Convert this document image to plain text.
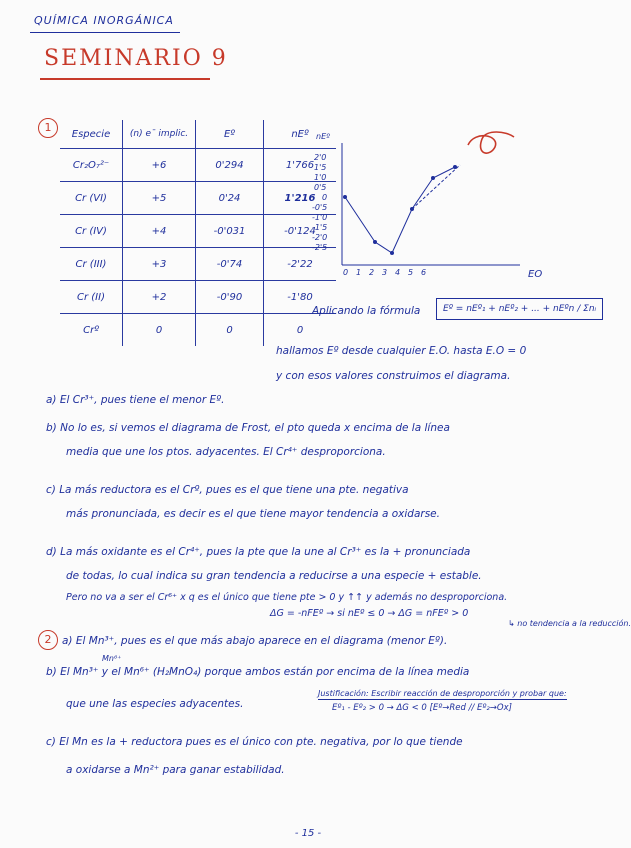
QUÍMICA INORGÁNICA
SEMINARIO 9
1	Especie	(n) eˉ implic.	Eº	nEº
Cr₂O₇²⁻	+6	0'294	1'766
Cr (VI)	+5	0'24	1'216
Cr (IV)	+4	-0'031	-0'124
Cr (III)	+3	-0'74	-2'22
Cr (II)	+2	-0'90	-1'80
Crº	0	0	0
nEº
EO
2'0
1'5
1'0
0'5
0
-0'5
-1'0
-1'5
-2'0
-2'5
0 1 2 3 4 5 6
Aplicando la fórmula	Eº = nEº₁ + nEº₂ + ... + nEºn / Σnᵢ
hallamos Eº desde cualquier E.O. hasta E.O = 0
y con esos valores construimos el diagrama.
a) El Cr³⁺, pues tiene el menor Eº.
b) No lo es, si vemos el diagrama de Frost, el pto queda x encima de la línea
media que une los ptos. adyacentes. El Cr⁴⁺ desproporciona.
c) La más reductora es el Crº, pues es el que tiene una pte. negativa
más pronunciada, es decir es el que tiene mayor tendencia a oxidarse.
d) La más oxidante es el Cr⁴⁺, pues la pte que la une al Cr³⁺ es la + pronunciada
de todas, lo cual indica su gran tendencia a reducirse a una especie + estable.
Pero no va a ser el Cr⁶⁺ x q es el único que tiene pte > 0 y ↑↑ y además no desproporciona.
ΔG = -nFEº → si nEº ≤ 0 → ΔG = nFEº > 0
↳ no tendencia a la reducción.
2	a) El Mn³⁺, pues es el que más abajo aparece en el diagrama (menor Eº).
Mn⁶⁺
b) El Mn³⁺ y el Mn⁶⁺ (H₂MnO₄) porque ambos están por encima de la línea media
que une las especies adyacentes.
Justificación: Escribir reacción de desproporción y probar que:
Eº₁ - Eº₂ > 0 → ΔG < 0 [Eº→Red // Eº₂→Ox]
c) El Mn es la + reductora pues es el único con pte. negativa, por lo que tiende
a oxidarse a Mn²⁺ para ganar estabilidad.
- 15 -
